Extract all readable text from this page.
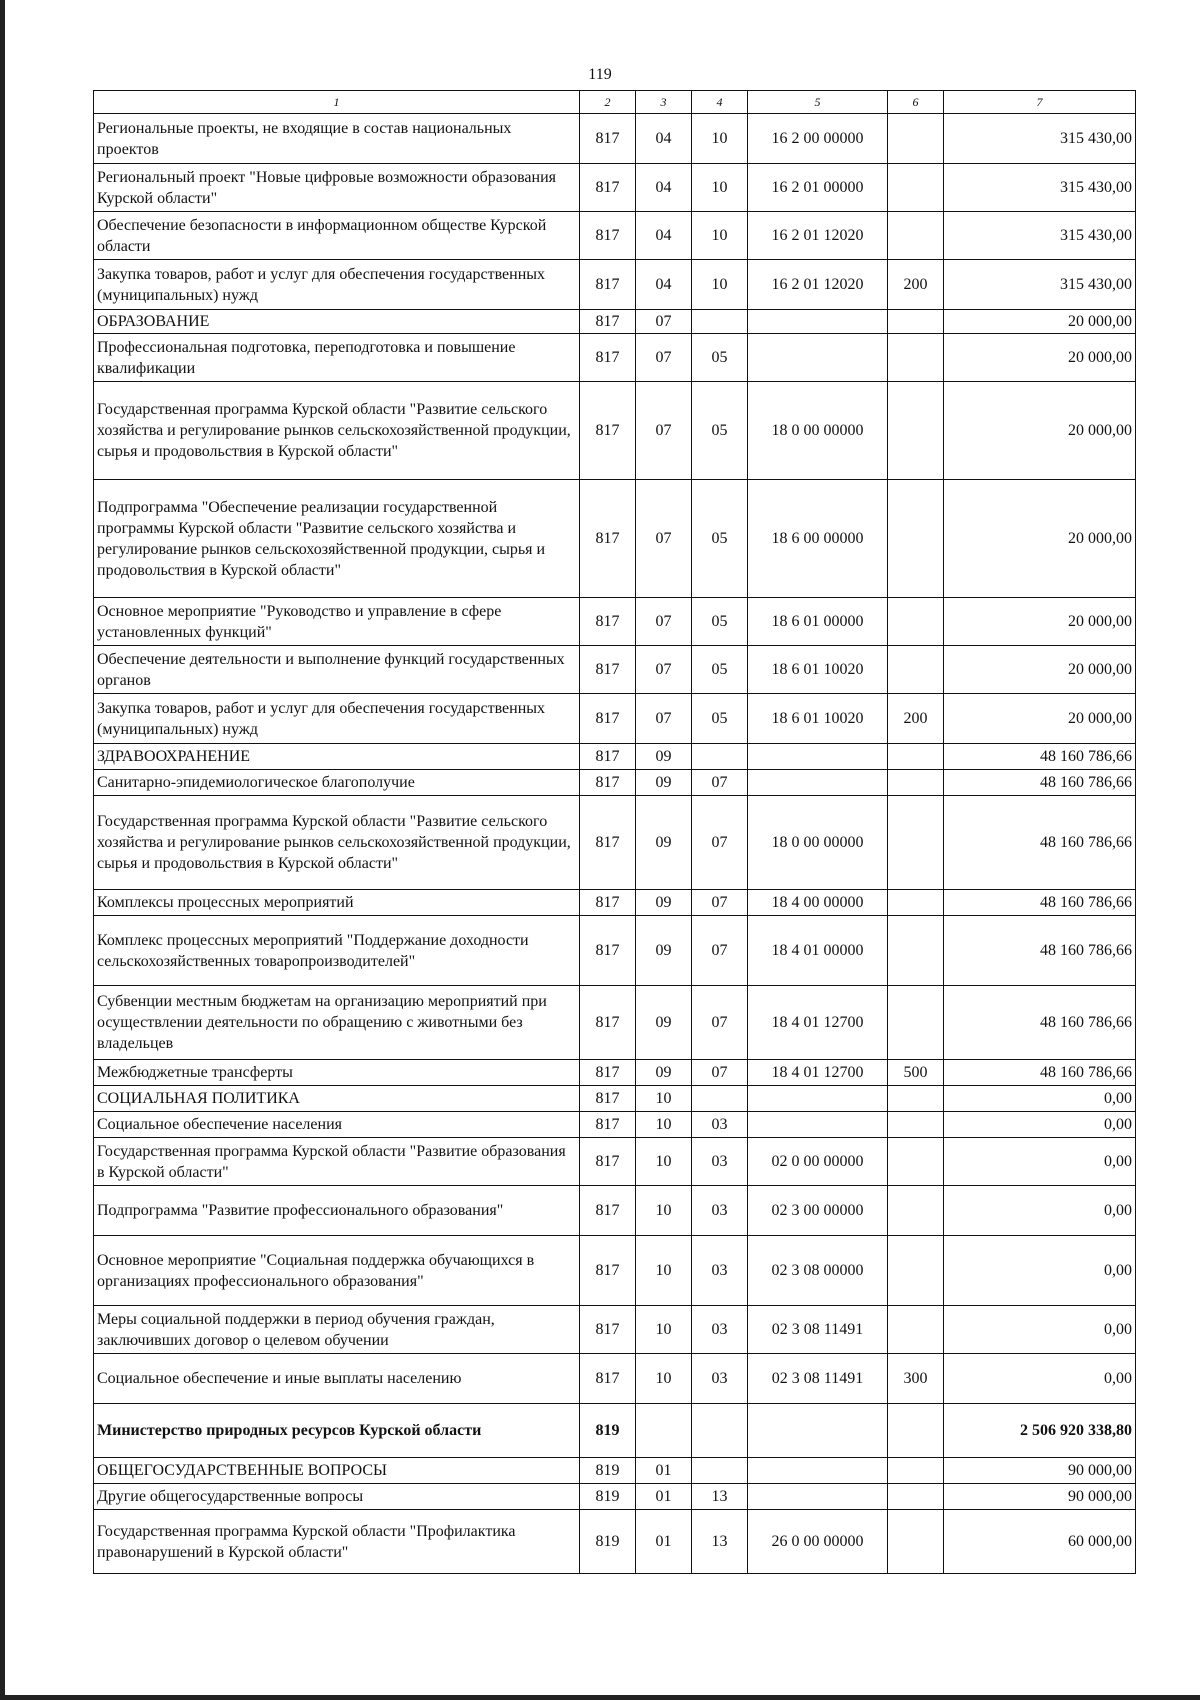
119
1	2	3	4	5	6	7
Региональные проекты, не входящие в состав национальных проектов	817	04	10	16 2 00 00000		315 430,00
Региональный проект "Новые цифровые возможности образования Курской области"	817	04	10	16 2 01 00000		315 430,00
Обеспечение безопасности в информационном обществе Курской области	817	04	10	16 2 01 12020		315 430,00
Закупка товаров, работ и услуг для обеспечения государственных (муниципальных) нужд	817	04	10	16 2 01 12020	200	315 430,00
ОБРАЗОВАНИЕ	817	07				20 000,00
Профессиональная подготовка, переподготовка и повышение квалификации	817	07	05			20 000,00
Государственная программа Курской области "Развитие сельского хозяйства и регулирование рынков сельскохозяйственной продукции, сырья и продовольствия в Курской области"	817	07	05	18 0 00 00000		20 000,00
Подпрограмма "Обеспечение реализации государственной программы Курской области "Развитие сельского хозяйства и регулирование рынков сельскохозяйственной продукции, сырья и продовольствия в Курской области"	817	07	05	18 6 00 00000		20 000,00
Основное мероприятие "Руководство и управление в сфере установленных функций"	817	07	05	18 6 01 00000		20 000,00
Обеспечение деятельности и выполнение функций государственных органов	817	07	05	18 6 01 10020		20 000,00
Закупка товаров, работ и услуг для обеспечения государственных (муниципальных) нужд	817	07	05	18 6 01 10020	200	20 000,00
ЗДРАВООХРАНЕНИЕ	817	09				48 160 786,66
Санитарно-эпидемиологическое благополучие	817	09	07			48 160 786,66
Государственная программа Курской области "Развитие сельского хозяйства и регулирование рынков сельскохозяйственной продукции, сырья и продовольствия в Курской области"	817	09	07	18 0 00 00000		48 160 786,66
Комплексы процессных мероприятий	817	09	07	18 4 00 00000		48 160 786,66
Комплекс процессных мероприятий "Поддержание доходности сельскохозяйственных товаропроизводителей"	817	09	07	18 4 01 00000		48 160 786,66
Субвенции местным бюджетам на организацию мероприятий при осуществлении деятельности по обращению с животными без владельцев	817	09	07	18 4 01 12700		48 160 786,66
Межбюджетные трансферты	817	09	07	18 4 01 12700	500	48 160 786,66
СОЦИАЛЬНАЯ ПОЛИТИКА	817	10				0,00
Социальное обеспечение населения	817	10	03			0,00
Государственная программа Курской области "Развитие образования в Курской области"	817	10	03	02 0 00 00000		0,00
Подпрограмма "Развитие профессионального образования"	817	10	03	02 3 00 00000		0,00
Основное мероприятие "Социальная поддержка обучающихся в организациях профессионального образования"	817	10	03	02 3 08 00000		0,00
Меры социальной поддержки в период обучения граждан, заключивших договор о целевом обучении	817	10	03	02 3 08 11491		0,00
Социальное обеспечение и иные выплаты населению	817	10	03	02 3 08 11491	300	0,00
Министерство природных ресурсов Курской области	819					2 506 920 338,80
ОБЩЕГОСУДАРСТВЕННЫЕ ВОПРОСЫ	819	01				90 000,00
Другие общегосударственные вопросы	819	01	13			90 000,00
Государственная программа Курской области "Профилактика правонарушений в Курской области"	819	01	13	26 0 00 00000		60 000,00
